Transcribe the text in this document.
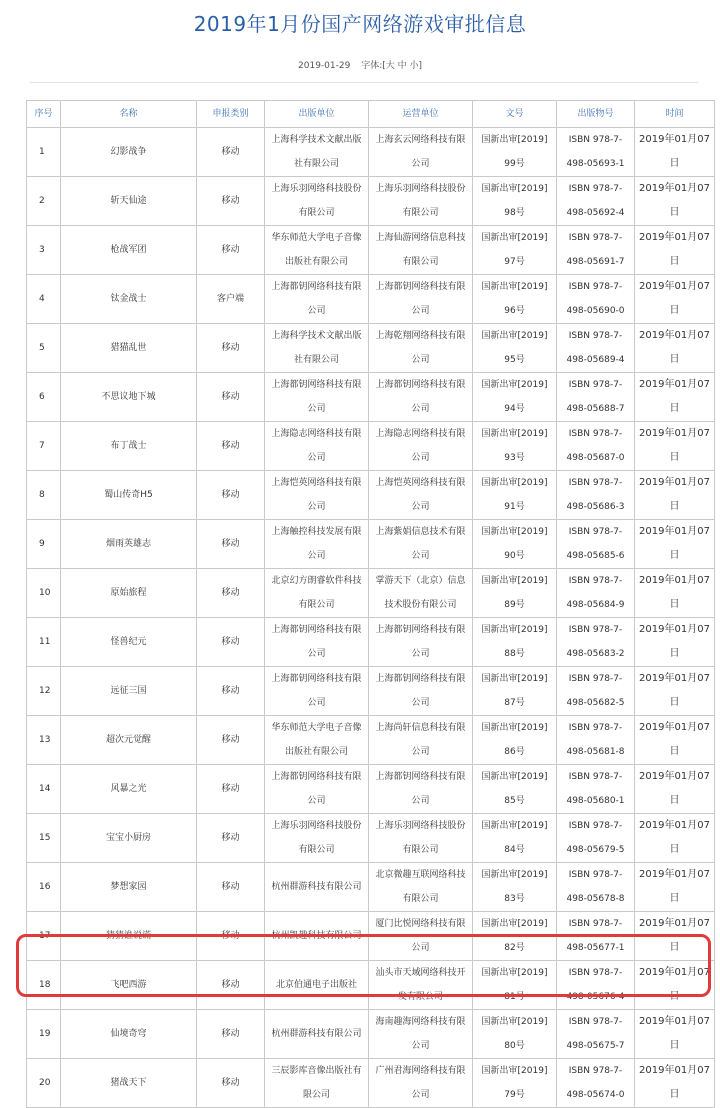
2019年1月份国产网络游戏审批信息
2019-01-29 字体:[大 中 小]
序号	名称	申报类别	出版单位	运营单位	文号	出版物号	时间
1	幻影战争	移动	上海科学技术文献出版社有限公司	上海玄云网络科技有限公司	国新出审[2019] 99号	ISBN 978-7-498-05693-1	2019年01月07日
2	斩天仙途	移动	上海乐羽网络科技股份有限公司	上海乐羽网络科技股份有限公司	国新出审[2019] 98号	ISBN 978-7-498-05692-4	2019年01月07日
3	枪战军团	移动	华东师范大学电子音像出版社有限公司	上海仙游网络信息科技有限公司	国新出审[2019] 97号	ISBN 978-7-498-05691-7	2019年01月07日
4	钛金战士	客户端	上海都钥网络科技有限公司	上海都钥网络科技有限公司	国新出审[2019] 96号	ISBN 978-7-498-05690-0	2019年01月07日
5	猎猫乱世	移动	上海科学技术文献出版社有限公司	上海乾翔网络科技有限公司	国新出审[2019] 95号	ISBN 978-7-498-05689-4	2019年01月07日
6	不思议地下城	移动	上海都钥网络科技有限公司	上海都钥网络科技有限公司	国新出审[2019] 94号	ISBN 978-7-498-05688-7	2019年01月07日
7	布丁战士	移动	上海隐志网络科技有限公司	上海隐志网络科技有限公司	国新出审[2019] 93号	ISBN 978-7-498-05687-0	2019年01月07日
8	蜀山传奇H5	移动	上海恺英网络科技有限公司	上海恺英网络科技有限公司	国新出审[2019] 91号	ISBN 978-7-498-05686-3	2019年01月07日
9	烟雨英雄志	移动	上海触控科技发展有限公司	上海紫娟信息技术有限公司	国新出审[2019] 90号	ISBN 978-7-498-05685-6	2019年01月07日
10	原始旅程	移动	北京幻方朗睿软件科技有限公司	掌游天下（北京）信息技术股份有限公司	国新出审[2019] 89号	ISBN 978-7-498-05684-9	2019年01月07日
11	怪兽纪元	移动	上海都钥网络科技有限公司	上海都钥网络科技有限公司	国新出审[2019] 88号	ISBN 978-7-498-05683-2	2019年01月07日
12	远征三国	移动	上海都钥网络科技有限公司	上海都钥网络科技有限公司	国新出审[2019] 87号	ISBN 978-7-498-05682-5	2019年01月07日
13	超次元觉醒	移动	华东师范大学电子音像出版社有限公司	上海尚轩信息科技有限公司	国新出审[2019] 86号	ISBN 978-7-498-05681-8	2019年01月07日
14	风暴之光	移动	上海都钥网络科技有限公司	上海都钥网络科技有限公司	国新出审[2019] 85号	ISBN 978-7-498-05680-1	2019年01月07日
15	宝宝小厨房	移动	上海乐羽网络科技股份有限公司	上海乐羽网络科技股份有限公司	国新出审[2019] 84号	ISBN 978-7-498-05679-5	2019年01月07日
16	梦想家园	移动	杭州群游科技有限公司	北京微趣互联网络科技有限公司	国新出审[2019] 83号	ISBN 978-7-498-05678-8	2019年01月07日
17	猜猜谁说谎	移动	杭州凯趣科技有限公司	厦门比悦网络科技有限公司	国新出审[2019] 82号	ISBN 978-7-498-05677-1	2019年01月07日
18	飞吧西游	移动	北京伯通电子出版社	汕头市天域网络科技开发有限公司	国新出审[2019] 81号	ISBN 978-7-498-05676-4	2019年01月07日
19	仙境奇穹	移动	杭州群游科技有限公司	海南趣海网络科技有限公司	国新出审[2019] 80号	ISBN 978-7-498-05675-7	2019年01月07日
20	猪战天下	移动	三辰影库音像出版社有限公司	广州君海网络科技有限公司	国新出审[2019] 79号	ISBN 978-7-498-05674-0	2019年01月07日
